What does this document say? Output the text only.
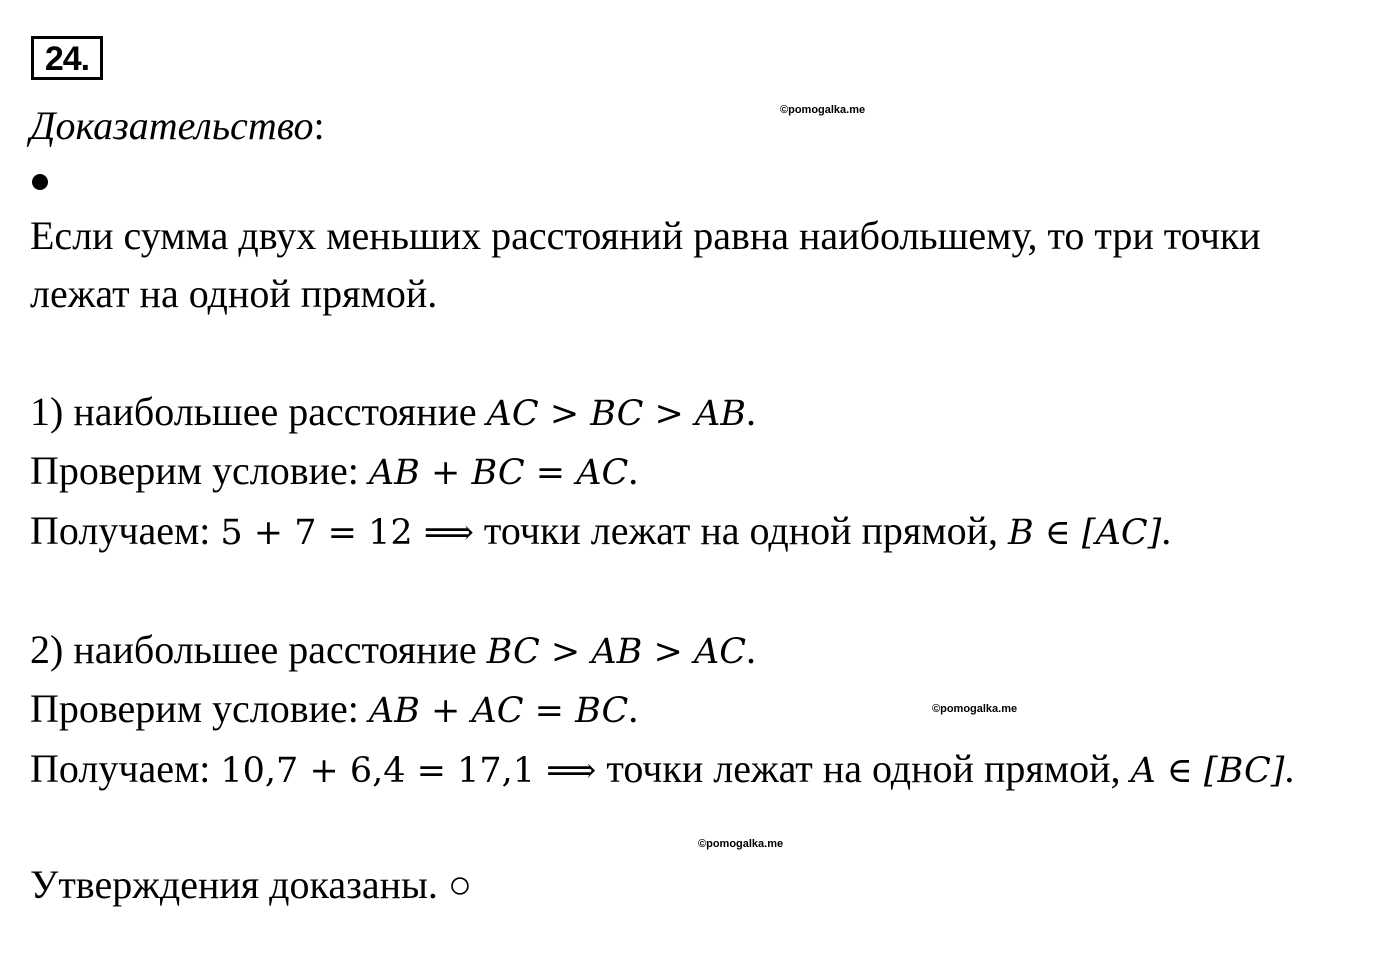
24.
Доказательство:	©pomogalka.me
Если сумма двух меньших расстояний равна наибольшему, то три точки
лежат на одной прямой.
1) наибольшее расстояние AC > BC > AB.
Проверим условие: AB + BC = AC.
Получаем: 5 + 7 = 12 ⟹ точки лежат на одной прямой, B ∈ [AC].
2) наибольшее расстояние BC > AB > AC.
Проверим условие: AB + AC = BC.	©pomogalka.me
Получаем: 10,7 + 6,4 = 17,1 ⟹ точки лежат на одной прямой, A ∈ [BC].
©pomogalka.me
Утверждения доказаны. ○
